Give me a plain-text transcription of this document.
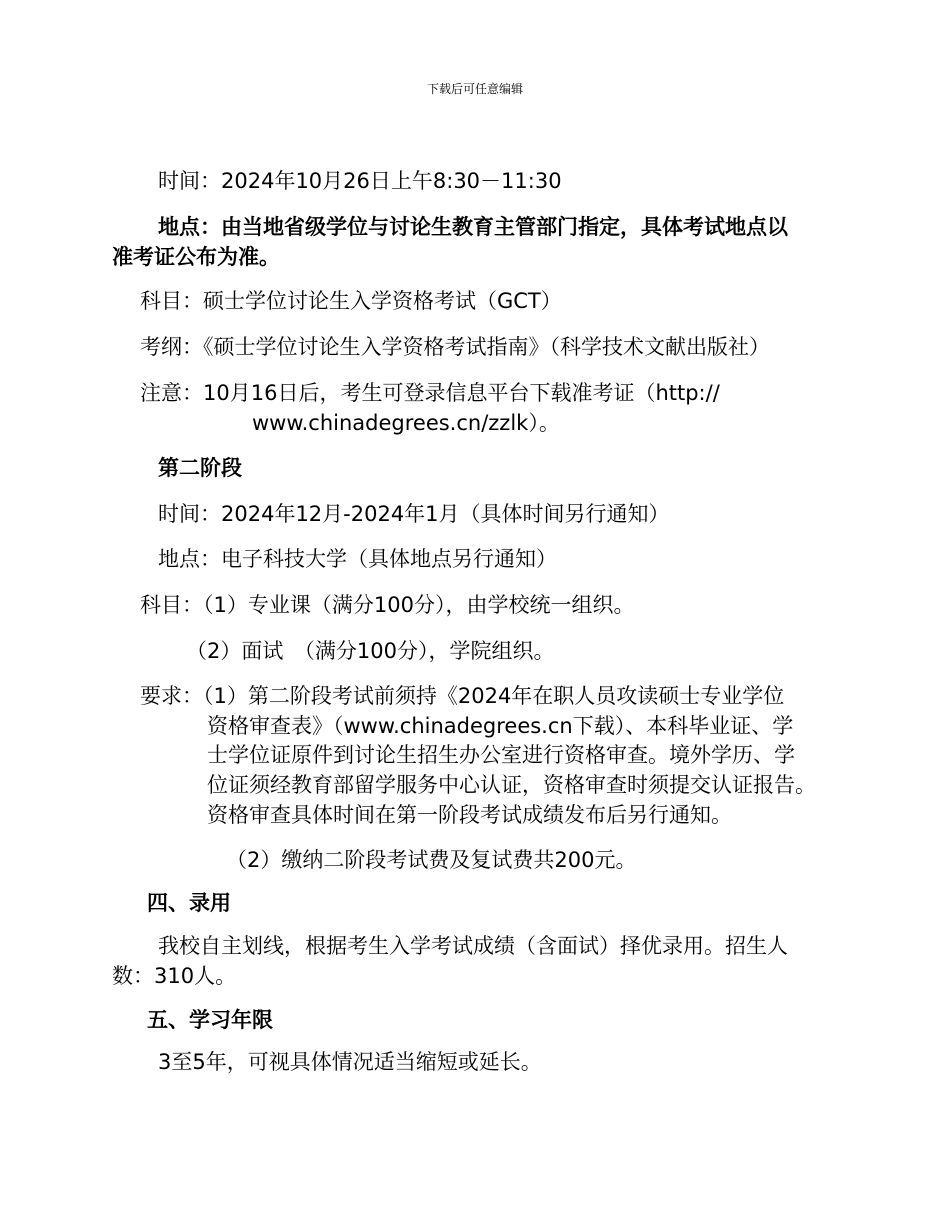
下载后可任意编辑
时间：2024年10月26日上午8:30－11:30
地点：由当地省级学位与讨论生教育主管部门指定，具体考试地点以
准考证公布为准。
科目：硕士学位讨论生入学资格考试（GCT）
考纲：《硕士学位讨论生入学资格考试指南》（科学技术文献出版社）
注意：10月16日后，考生可登录信息平台下载准考证（http://
www.chinadegrees.cn/zzlk）。
第二阶段
时间：2024年12月-2024年1月（具体时间另行通知）
地点：电子科技大学（具体地点另行通知）
科目：（1）专业课（满分100分），由学校统一组织。
（2）面试　（满分100分），学院组织。
要求：（1）第二阶段考试前须持《2024年在职人员攻读硕士专业学位
资格审查表》（www.chinadegrees.cn下载）、本科毕业证、学
士学位证原件到讨论生招生办公室进行资格审查。境外学历、学
位证须经教育部留学服务中心认证，资格审查时须提交认证报告。
资格审查具体时间在第一阶段考试成绩发布后另行通知。
（2）缴纳二阶段考试费及复试费共200元。
四、录用
我校自主划线，根据考生入学考试成绩（含面试）择优录用。招生人
数：310人。
五、学习年限
3至5年，可视具体情况适当缩短或延长。
